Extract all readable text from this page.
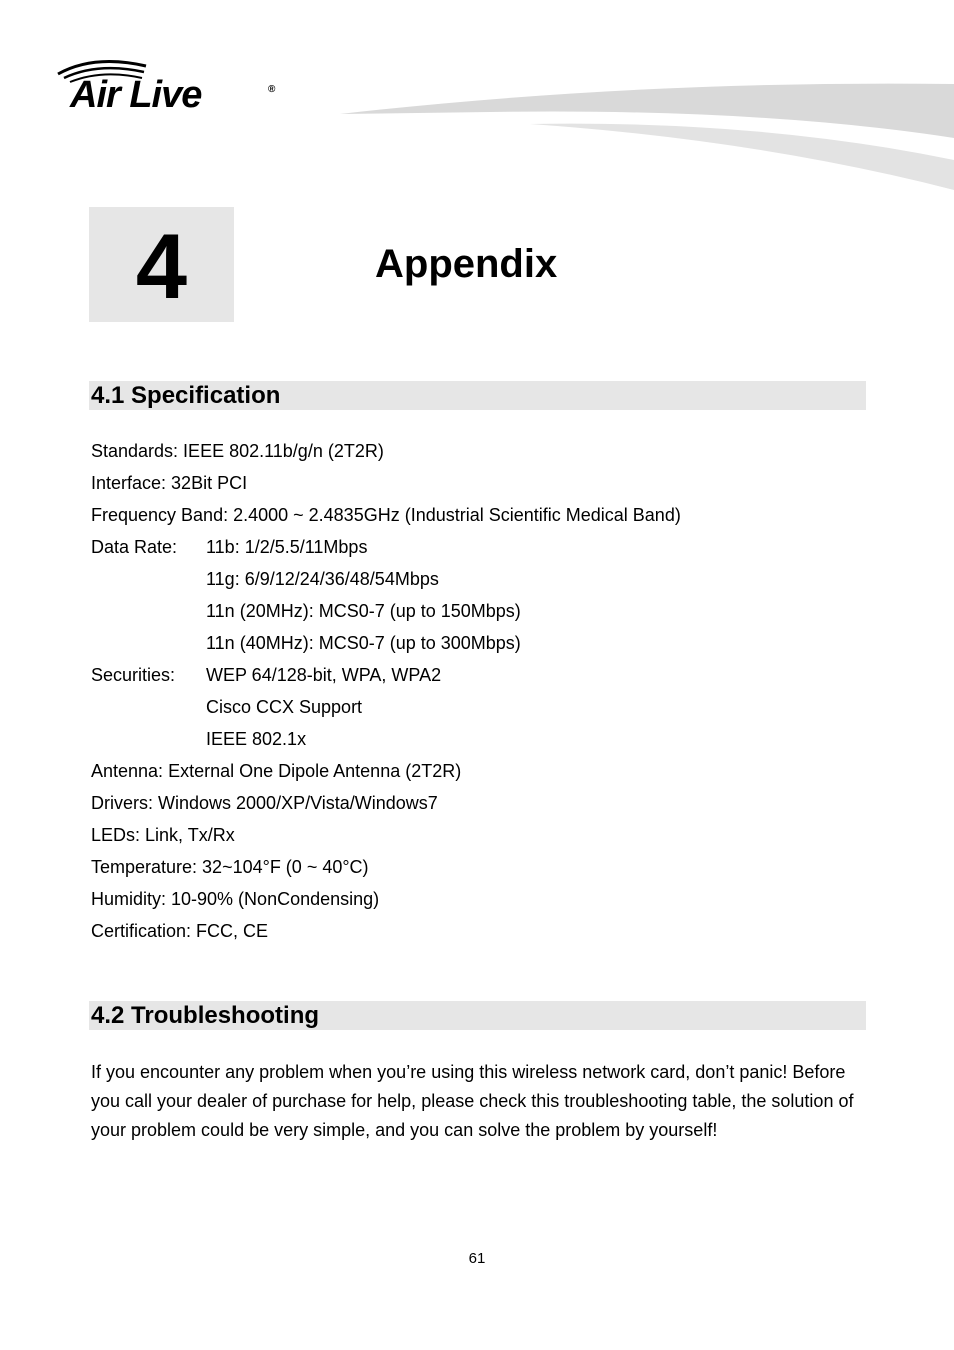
Air Live	®
4	Appendix
4.1 Specification
Standards: IEEE 802.11b/g/n (2T2R)
Interface: 32Bit PCI
Frequency Band: 2.4000 ~ 2.4835GHz (Industrial Scientific Medical Band)
Data Rate: 11b: 1/2/5.5/11Mbps
11g: 6/9/12/24/36/48/54Mbps
11n (20MHz): MCS0-7 (up to 150Mbps)
11n (40MHz): MCS0-7 (up to 300Mbps)
Securities: WEP 64/128-bit, WPA, WPA2
Cisco CCX Support
IEEE 802.1x
Antenna: External One Dipole Antenna (2T2R)
Drivers: Windows 2000/XP/Vista/Windows7
LEDs: Link, Tx/Rx
Temperature: 32~104°F (0 ~ 40°C)
Humidity: 10-90% (NonCondensing)
Certification: FCC, CE
4.2 Troubleshooting
If you encounter any problem when you’re using this wireless network card, don’t panic! Before you call your dealer of purchase for help, please check this troubleshooting table, the solution of your problem could be very simple, and you can solve the problem by yourself!
61
